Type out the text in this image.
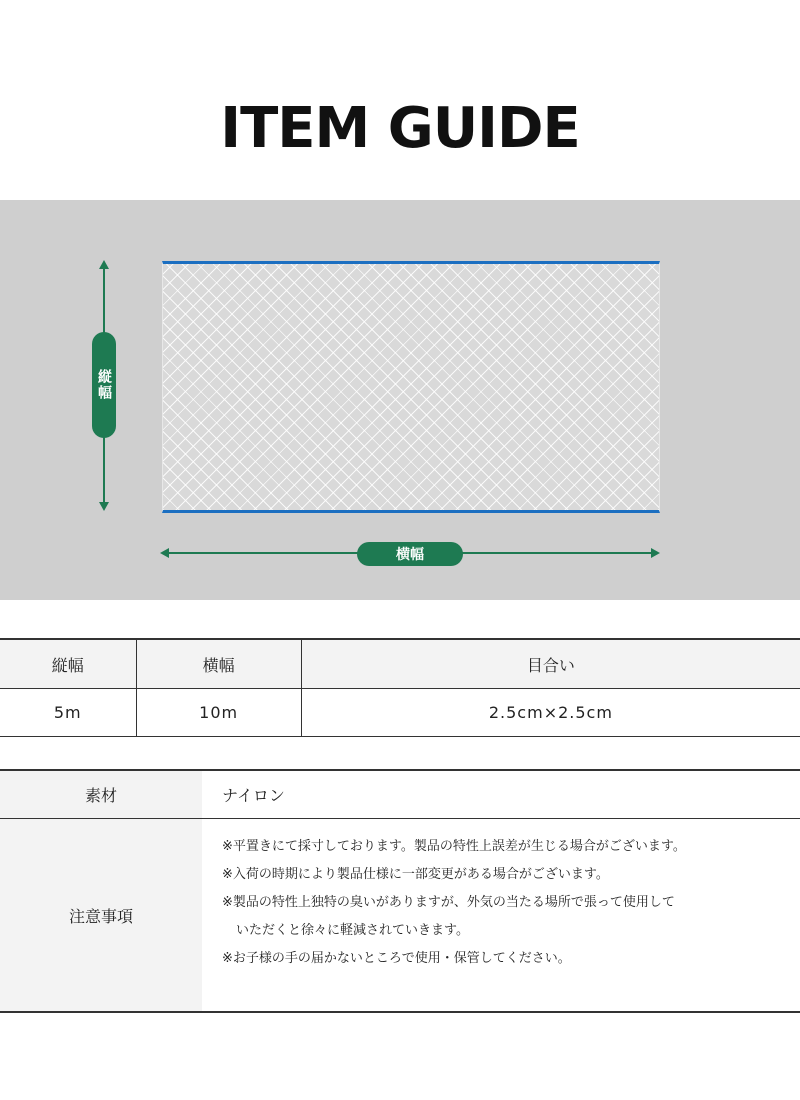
ITEM GUIDE
縦幅
横幅
縦幅	横幅	目合い
5m	10m	2.5cm×2.5cm
素材	ナイロン
注意事項	※平置きにて採寸しております。製品の特性上誤差が生じる場合がございます。
※入荷の時期により製品仕様に一部変更がある場合がございます。
※製品の特性上独特の臭いがありますが、外気の当たる場所で張って使用して
いただくと徐々に軽減されていきます。
※お子様の手の届かないところで使用・保管してください。
